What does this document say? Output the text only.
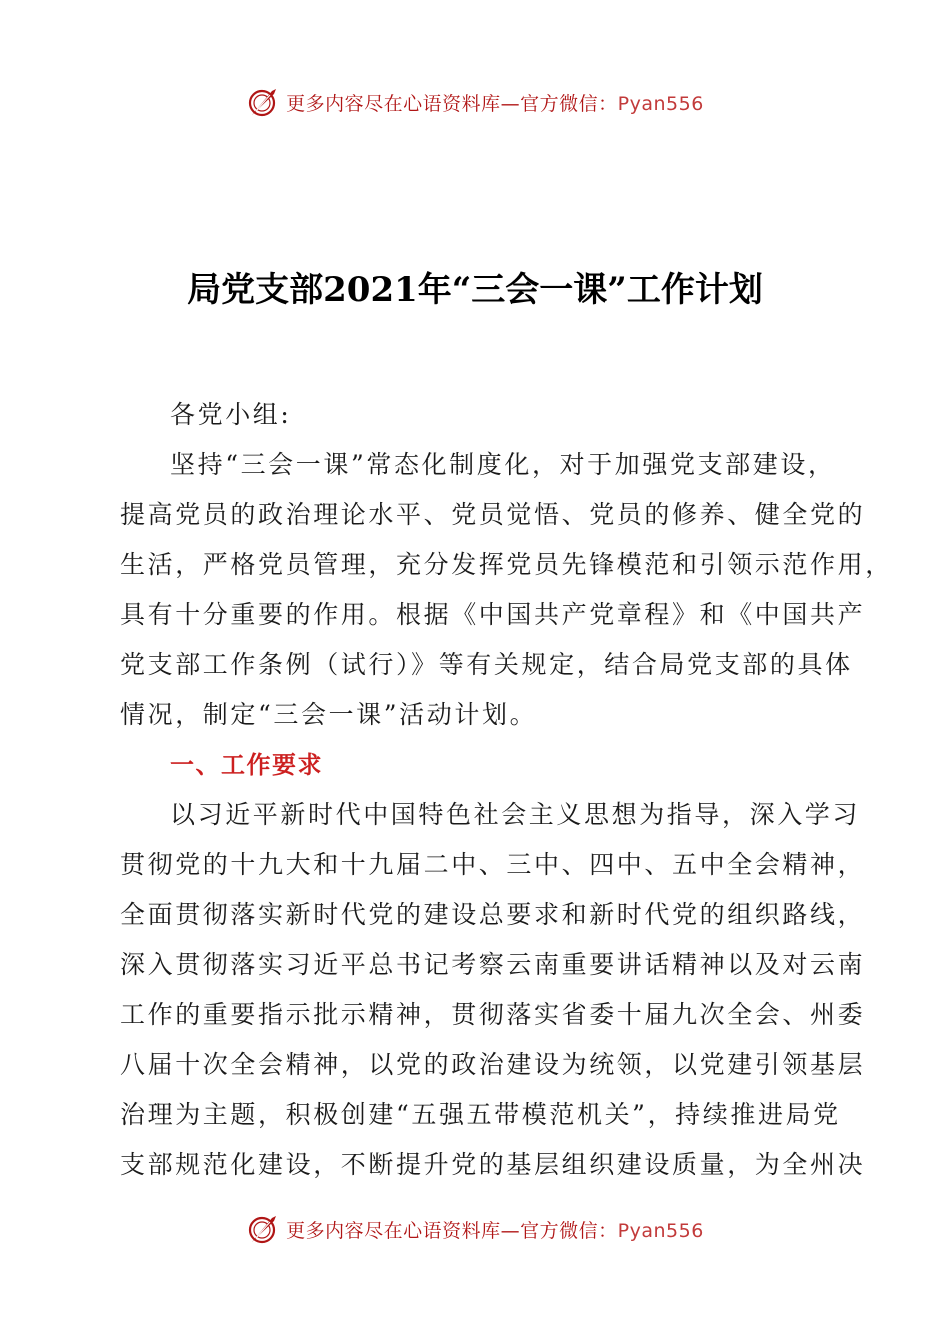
更多内容尽在心语资料库—官方微信：Pyan556
局党支部2021年“三会一课”工作计划
各党小组:
坚持“三会一课”常态化制度化，对于加强党支部建设，
提高党员的政治理论水平、党员觉悟、党员的修养、健全党的
生活，严格党员管理，充分发挥党员先锋模范和引领示范作用，
具有十分重要的作用。根据《中国共产党章程》和《中国共产
党支部工作条例（试行）》等有关规定，结合局党支部的具体
情况，制定“三会一课”活动计划。
一、工作要求
以习近平新时代中国特色社会主义思想为指导，深入学习
贯彻党的十九大和十九届二中、三中、四中、五中全会精神，
全面贯彻落实新时代党的建设总要求和新时代党的组织路线，
深入贯彻落实习近平总书记考察云南重要讲话精神以及对云南
工作的重要指示批示精神，贯彻落实省委十届九次全会、州委
八届十次全会精神，以党的政治建设为统领，以党建引领基层
治理为主题，积极创建“五强五带模范机关”，持续推进局党
支部规范化建设，不断提升党的基层组织建设质量，为全州决
更多内容尽在心语资料库—官方微信：Pyan556
